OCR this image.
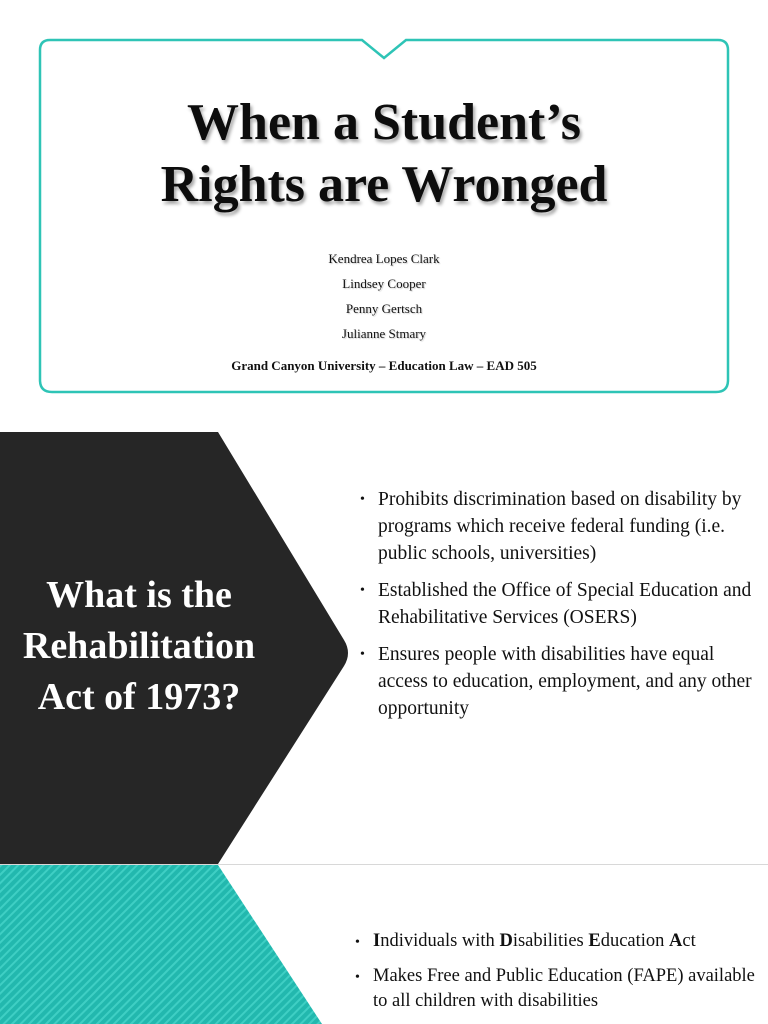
When a Student’s
Rights are Wronged
Kendrea Lopes Clark
Lindsey Cooper
Penny Gertsch
Julianne Stmary
Grand Canyon University – Education Law – EAD 505
What is the
Rehabilitation
Act of 1973?
• Prohibits discrimination based on disability by programs which receive federal funding (i.e. public schools, universities)
• Established the Office of Special Education and Rehabilitative Services (OSERS)
• Ensures people with disabilities have equal access to education, employment, and any other opportunity
• Individuals with Disabilities Education Act
• Makes Free and Public Education (FAPE) available to all children with disabilities
